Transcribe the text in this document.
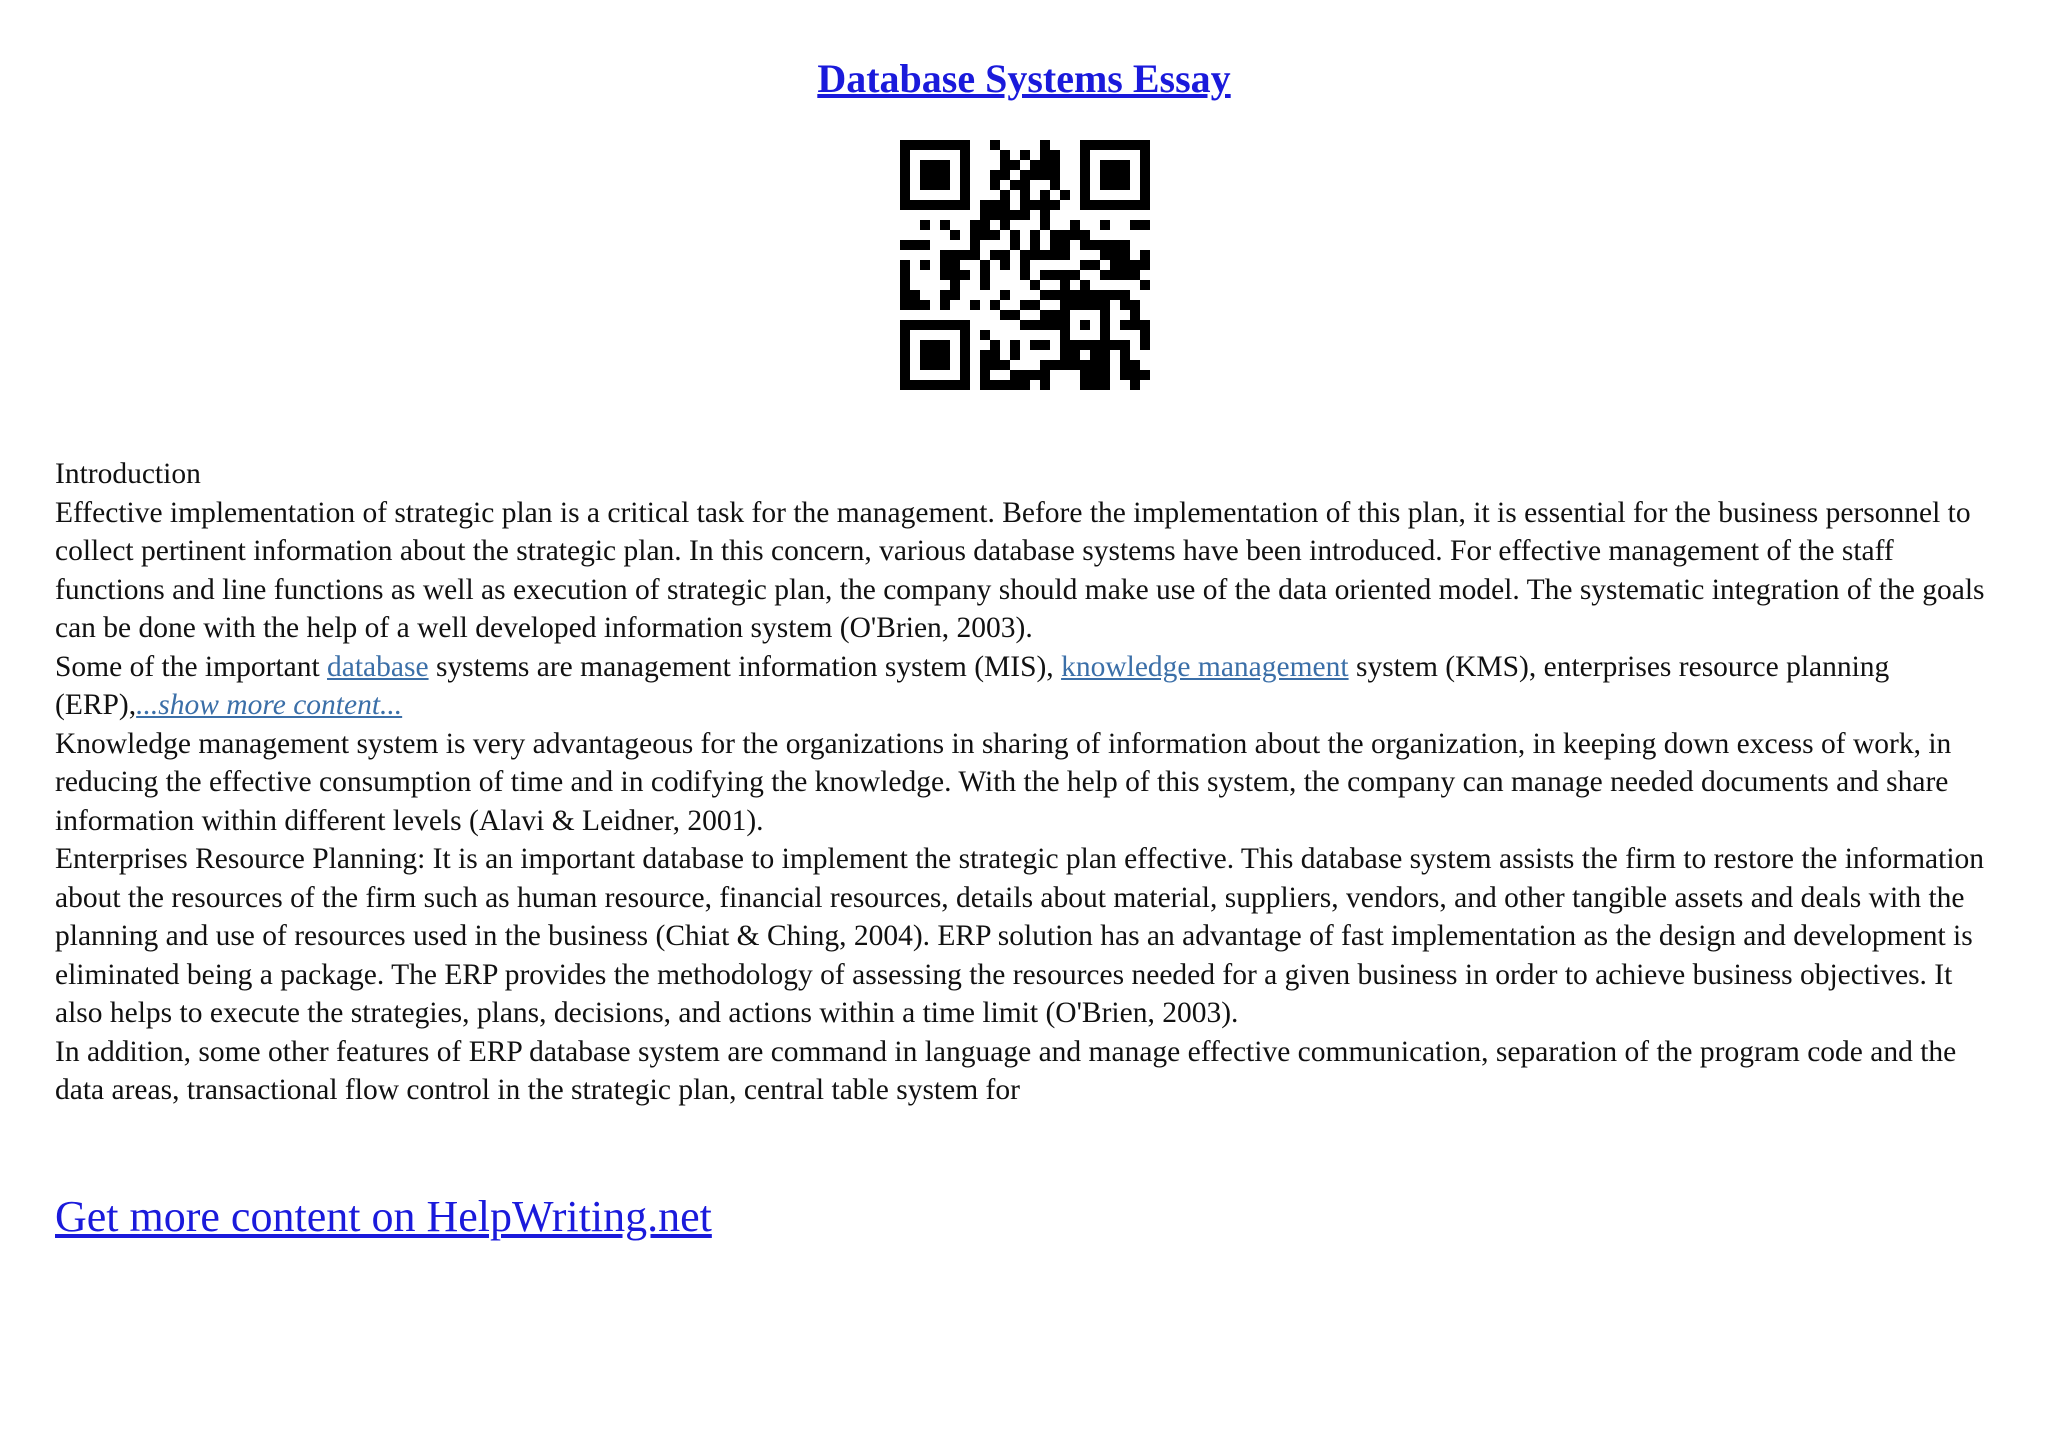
Database Systems Essay

Introduction

Effective implementation of strategic plan is a critical task for the management. Before the implementation of this plan, it is essential for the business personnel to collect pertinent information about the strategic plan. In this concern, various database systems have been introduced. For effective management of the staff functions and line functions as well as execution of strategic plan, the company should make use of the data oriented model. The systematic integration of the goals can be done with the help of a well developed information system (O'Brien, 2003).

Some of the important database systems are management information system (MIS), knowledge management system (KMS), enterprises resource planning (ERP),...show more content...

Knowledge management system is very advantageous for the organizations in sharing of information about the organization, in keeping down excess of work, in reducing the effective consumption of time and in codifying the knowledge. With the help of this system, the company can manage needed documents and share information within different levels (Alavi & Leidner, 2001).

Enterprises Resource Planning: It is an important database to implement the strategic plan effective. This database system assists the firm to restore the information about the resources of the firm such as human resource, financial resources, details about material, suppliers, vendors, and other tangible assets and deals with the planning and use of resources used in the business (Chiat & Ching, 2004). ERP solution has an advantage of fast implementation as the design and development is eliminated being a package. The ERP provides the methodology of assessing the resources needed for a given business in order to achieve business objectives. It also helps to execute the strategies, plans, decisions, and actions within a time limit (O'Brien, 2003).

In addition, some other features of ERP database system are command in language and manage effective communication, separation of the program code and the data areas, transactional flow control in the strategic plan, central table system for

Get more content on HelpWriting.net
